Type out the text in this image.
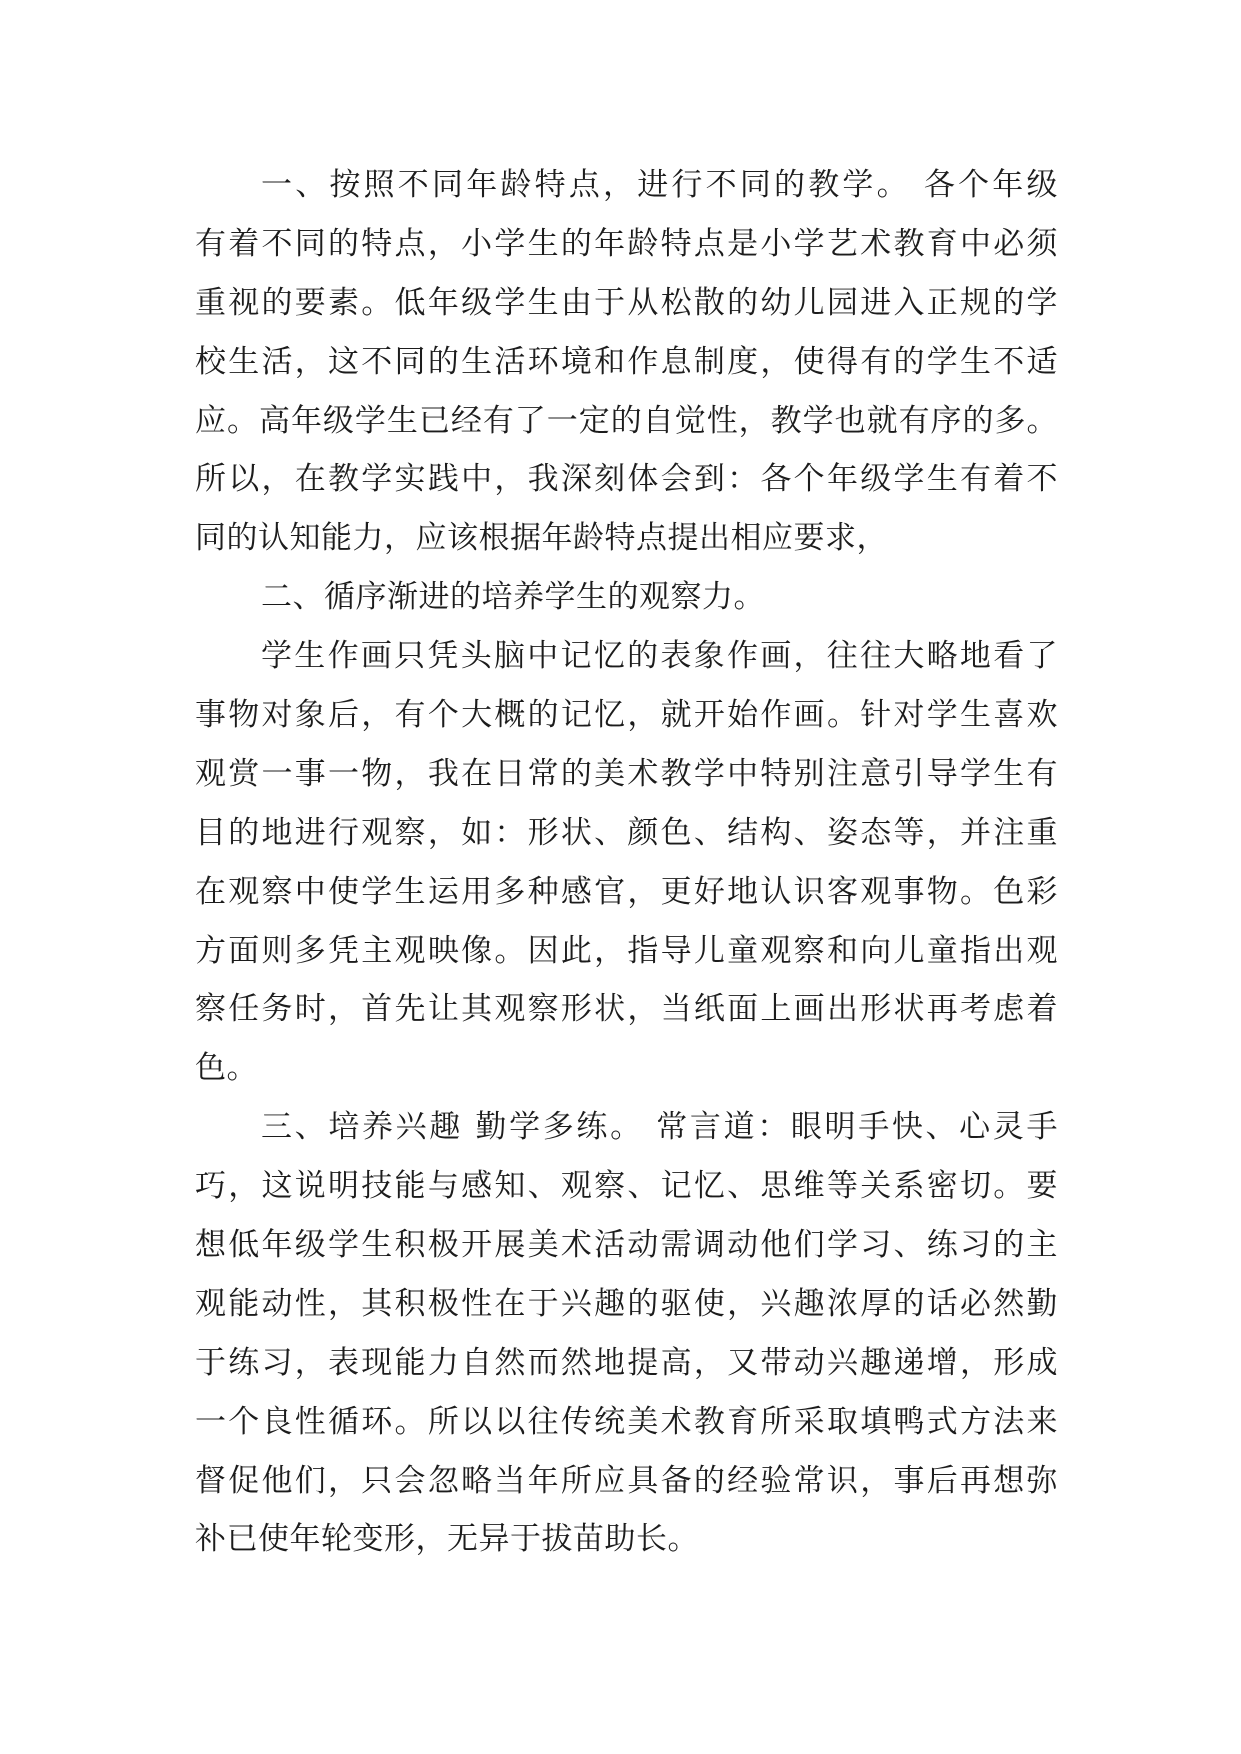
一、按照不同年龄特点，进行不同的教学。 各个年级
有着不同的特点，小学生的年龄特点是小学艺术教育中必须
重视的要素。低年级学生由于从松散的幼儿园进入正规的学
校生活，这不同的生活环境和作息制度，使得有的学生不适
应。高年级学生已经有了一定的自觉性，教学也就有序的多。
所以，在教学实践中，我深刻体会到：各个年级学生有着不
同的认知能力，应该根据年龄特点提出相应要求，
二、循序渐进的培养学生的观察力。
学生作画只凭头脑中记忆的表象作画，往往大略地看了
事物对象后，有个大概的记忆，就开始作画。针对学生喜欢
观赏一事一物，我在日常的美术教学中特别注意引导学生有
目的地进行观察，如：形状、颜色、结构、姿态等，并注重
在观察中使学生运用多种感官，更好地认识客观事物。色彩
方面则多凭主观映像。因此，指导儿童观察和向儿童指出观
察任务时，首先让其观察形状，当纸面上画出形状再考虑着
色。
三、培养兴趣 勤学多练。 常言道：眼明手快、心灵手
巧，这说明技能与感知、观察、记忆、思维等关系密切。要
想低年级学生积极开展美术活动需调动他们学习、练习的主
观能动性，其积极性在于兴趣的驱使，兴趣浓厚的话必然勤
于练习，表现能力自然而然地提高，又带动兴趣递增，形成
一个良性循环。所以以往传统美术教育所采取填鸭式方法来
督促他们，只会忽略当年所应具备的经验常识，事后再想弥
补已使年轮变形，无异于拔苗助长。
